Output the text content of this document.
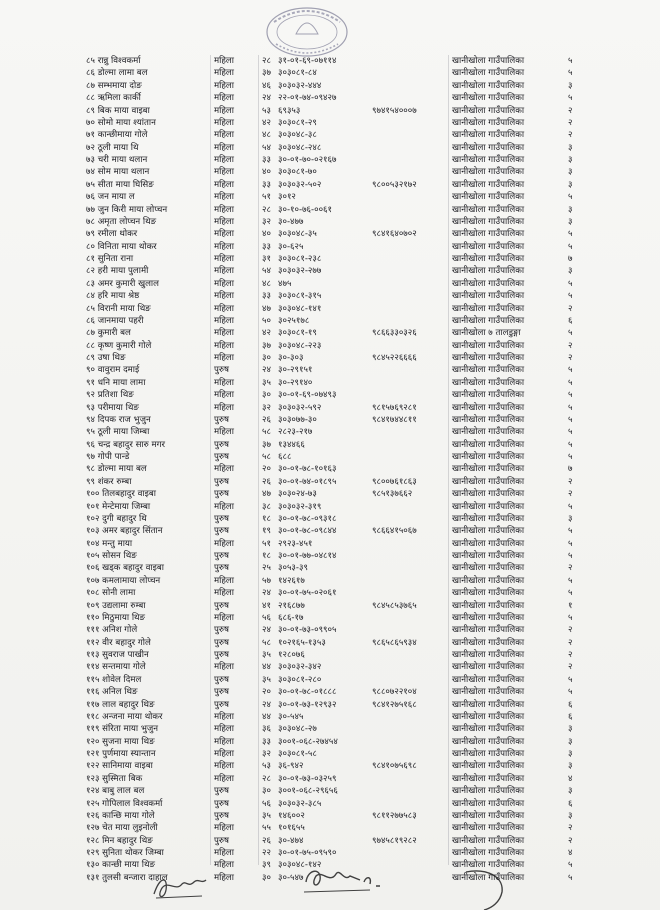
८५ रान्नु विश्वकर्मा	महिला	२८ ३१-०१-६९-०७११४	खानीखोला गाउँपालिका	५
८६ डोल्मा लामा बल	महिला	३७ ३०३०८१-८४	खानीखोला गाउँपालिका	५
८७ सम्भमाया दोङ	महिला	४६ ३०३०३२-४४४	खानीखोला गाउँपालिका	३
८८ ऋमिला कार्की	महिला	२४ २२-०१-७४-०९४२७	खानीखोला गाउँपालिका	५
८९ बिक माया वाइबा	महिला	५३ ६९३५३	९७४१५४०००७	खानीखोला गाउँपालिका	२
७० सोमो माया श्यांतान	महिला	४२ ३०३०८१-२९	खानीखोला गाउँपालिका	२
७१ कान्छीमाया गोले	महिला	४८ ३०३०४८-३८	खानीखोला गाउँपालिका	२
७२ ठूली माया थि	महिला	५४ ३०३०४८-२४८	खानीखोला गाउँपालिका	३
७३ चरी माया थलान	महिला	३३ ३०-०१-७०-०२१६७	खानीखोला गाउँपालिका	३
७४ सोम माया थलान	महिला	४० ३०३०८१-७०	खानीखोला गाउँपालिका	३
७५ सीता माया घिसिङ	महिला	३३ ३०३०३२-५०२	९८००५३२१७२	खानीखोला गाउँपालिका	३
७६ जन माया ल	महिला	५१ ३०१२	खानीखोला गाउँपालिका	५
७७ जुन किरी माया लोप्चन	महिला	२८ ३०-१०-७६-००६१	खानीखोला गाउँपालिका	३
७८ अमृता लोप्चन थिङ	महिला	३२ ३०-४७७	खानीखोला गाउँपालिका	३
७९ रमीला थोकर	महिला	४० ३०३०४८-३५	९८४१६४०७०२	खानीखोला गाउँपालिका	५
८० विनिता माया थोकर	महिला	३३ ३०-६२५	खानीखोला गाउँपालिका	५
८१ सुनिता राना	महिला	३१ ३०३०८१-२३८	खानीखोला गाउँपालिका	७
८२ हरी माया पुलामी	महिला	५४ ३०३०३२-२७७	खानीखोला गाउँपालिका	३
८३ अमर कुमारी खुलाल	महिला	४८ ४७५	खानीखोला गाउँपालिका	५
८४ हरि माया श्रेष्ठ	महिला	३३ ३०३०८१-३१५	खानीखोला गाउँपालिका	५
८५ विरानी माया थिङ	महिला	४७ ३०३०४८-१४१	खानीखोला गाउँपालिका	२
८६ जानमाया पहरी	महिला	५० ३०२५१७८	खानीखोला गाउँपालिका	६
८७ कुमारी बल	महिला	४२ ३०३०८१-१९	९८६६३३०३२६	खानीखोला ७ तालडुङ्गा	५
८८ कृष्ण कुमारी गोले	महिला	३७ ३०३०४८-२२३	खानीखोला गाउँपालिका	२
८९ उषा थिङ	महिला	३० ३०-३०३	९८४५२२६६६६	खानीखोला गाउँपालिका	२
९० वावुराम दमाई	पुरुष	२४ ३०-२९१५१	खानीखोला गाउँपालिका	५
९१ धनि माया लामा	महिला	३५ ३०-२९१४०	खानीखोला गाउँपालिका	५
९२ प्रतिशा थिङ	महिला	३० ३०-०१-६९-०७४९३	खानीखोला गाउँपालिका	५
९३ परीमाया थिङ	महिला	३२ ३०३०३२-५९२	९८१५७६९२८१	खानीखोला गाउँपालिका	५
९४ दिपक राज भुजुन	पुरुष	२६ ३०३०७७-३०	९८४१७४४८११	खानीखोला गाउँपालिका	५
९५ ठूली माया जिम्बा	महिला	५८ २८२३-२१७	खानीखोला गाउँपालिका	५
९६ चन्द्र बहादुर सारु मगर	पुरुष	३७ १३४४६६	खानीखोला गाउँपालिका	५
९७ गोपी पान्डे	पुरुष	५८ ६८८	खानीखोला गाउँपालिका	५
९८ डोल्मा माया बल	महिला	२० ३०-०१-७८-१०१६३	खानीखोला गाउँपालिका	७
९९ शंकर रुम्बा	पुरुष	२६ ३०-०१-७४-०१८९५	९८००७६१८६३	खानीखोला गाउँपालिका	२
१०० तिलबहादुर वाइबा	पुरुष	४७ ३०३०२४-७३	९८५१३७६६२	खानीखोला गाउँपालिका	२
१०१ मेन्टेमाया जिम्बा	महिला	३८ ३०३०३२-३१९	खानीखोला गाउँपालिका	५
१०२ दुगी बहादुर थि	पुरुष	१८ ३०-०१-७८-०९३१८	खानीखोला गाउँपालिका	३
१०३ अमर बहादुर सिंतान	पुरुष	१९ ३०-०१-७८-०९८४४	९८६६४१५०६७	खानीखोला गाउँपालिका	५
१०४ मन्तु माया	महिला	५१ २९२३-४५१	खानीखोला गाउँपालिका	५
१०५ सोसन थिङ	पुरुष	१८ ३०-०१-७७-०४८१४	खानीखोला गाउँपालिका	५
१०६ खड्क बहादुर वाइबा	पुरुष	२५ ३०५३-३९	खानीखोला गाउँपालिका	२
१०७ कमलामाया लोप्चन	महिला	५७ १४२६१७	खानीखोला गाउँपालिका	५
१०८ सोनी लामा	महिला	२४ ३०-०१-७५-०२०६१	खानीखोला गाउँपालिका	५
१०९ उद्यलामा रुम्बा	पुरुष	४१ २१६८७७	९८४५८५३७६५	खानीखोला गाउँपालिका	१
११० मिठुमाया थिङ	महिला	५६ ६८६-१७	खानीखोला गाउँपालिका	५
१११ अनिश गोले	पुरुष	२४ ३०-०१-७३-०९९०५	खानीखोला गाउँपालिका	२
११२ वीर बहादुर गोले	पुरुष	५८ १०२१६५-१३५३	९८६५८६५९३४	खानीखोला गाउँपालिका	२
११३ सुवराज पाखीन	पुरुष	३५ १२८०७६	खानीखोला गाउँपालिका	२
११४ सन्तमाया गोले	महिला	४४ ३०३०३२-३४२	खानीखोला गाउँपालिका	२
११५ शोवेल दिमल	पुरुष	३५ ३०३०८१-२८०	खानीखोला गाउँपालिका	५
११६ अनिल थिङ	पुरुष	२० ३०-०१-७८-०१८८८	९८८०७२२१०४	खानीखोला गाउँपालिका	५
११७ लाल बहादुर थिङ	पुरुष	२४ ३०-०१-७३-१२९३२	९८४१२७५१६८	खानीखोला गाउँपालिका	६
११८ अन्जना माया थोकर	महिला	४४ ३०-५४५	खानीखोला गाउँपालिका	६
११९ संरिता माया भुजुन	महिला	३६ ३०३०४८-२७	खानीखोला गाउँपालिका	३
१२० सुजना माया थिङ	महिला	३३ ३००१-०६८-२७४५४	खानीखोला गाउँपालिका	३
१२१ पुर्णमाया स्यान्तान	महिला	३२ ३०३०८१-५८	खानीखोला गाउँपालिका	३
१२२ सानिमाया वाइबा	महिला	५३ ३६-९४२	९८४१०७५६९८	खानीखोला गाउँपालिका	३
१२३ सुस्मिता बिक	महिला	२८ ३०-०१-७३-०३२५९	खानीखोला गाउँपालिका	४
१२४ बाबु लाल बल	पुरुष	३० ३००१-०६८-२९६५६	खानीखोला गाउँपालिका	३
१२५ गोपिलाल विश्वकर्मा	पुरुष	५६ ३०३०३२-३८५	खानीखोला गाउँपालिका	६
१२६ कान्छि माया गोले	पुरुष	३५ १४६००२	९८११२७७५८३	खानीखोला गाउँपालिका	३
१२७ चेत माया लुइनोली	महिला	५५ १०१६५५	खानीखोला गाउँपालिका	२
१२८ मिन बहादुर थिङ	पुरुष	२६ ३०-४७४	९७४५८१९२८२	खानीखोला गाउँपालिका	२
१२९ सुनिता थोकर जिम्बा	महिला	२२ ३०-०१-७५-०९५९०	खानीखोला गाउँपालिका	४
१३० कान्छी माया थिङ	महिला	३९ ३०३०४८-१४२	खानीखोला गाउँपालिका	५
१३१ तुलसी बन्जारा दाहाल	महिला	३० ३०-५४७	खानीखोला गाउँपालिका	५
